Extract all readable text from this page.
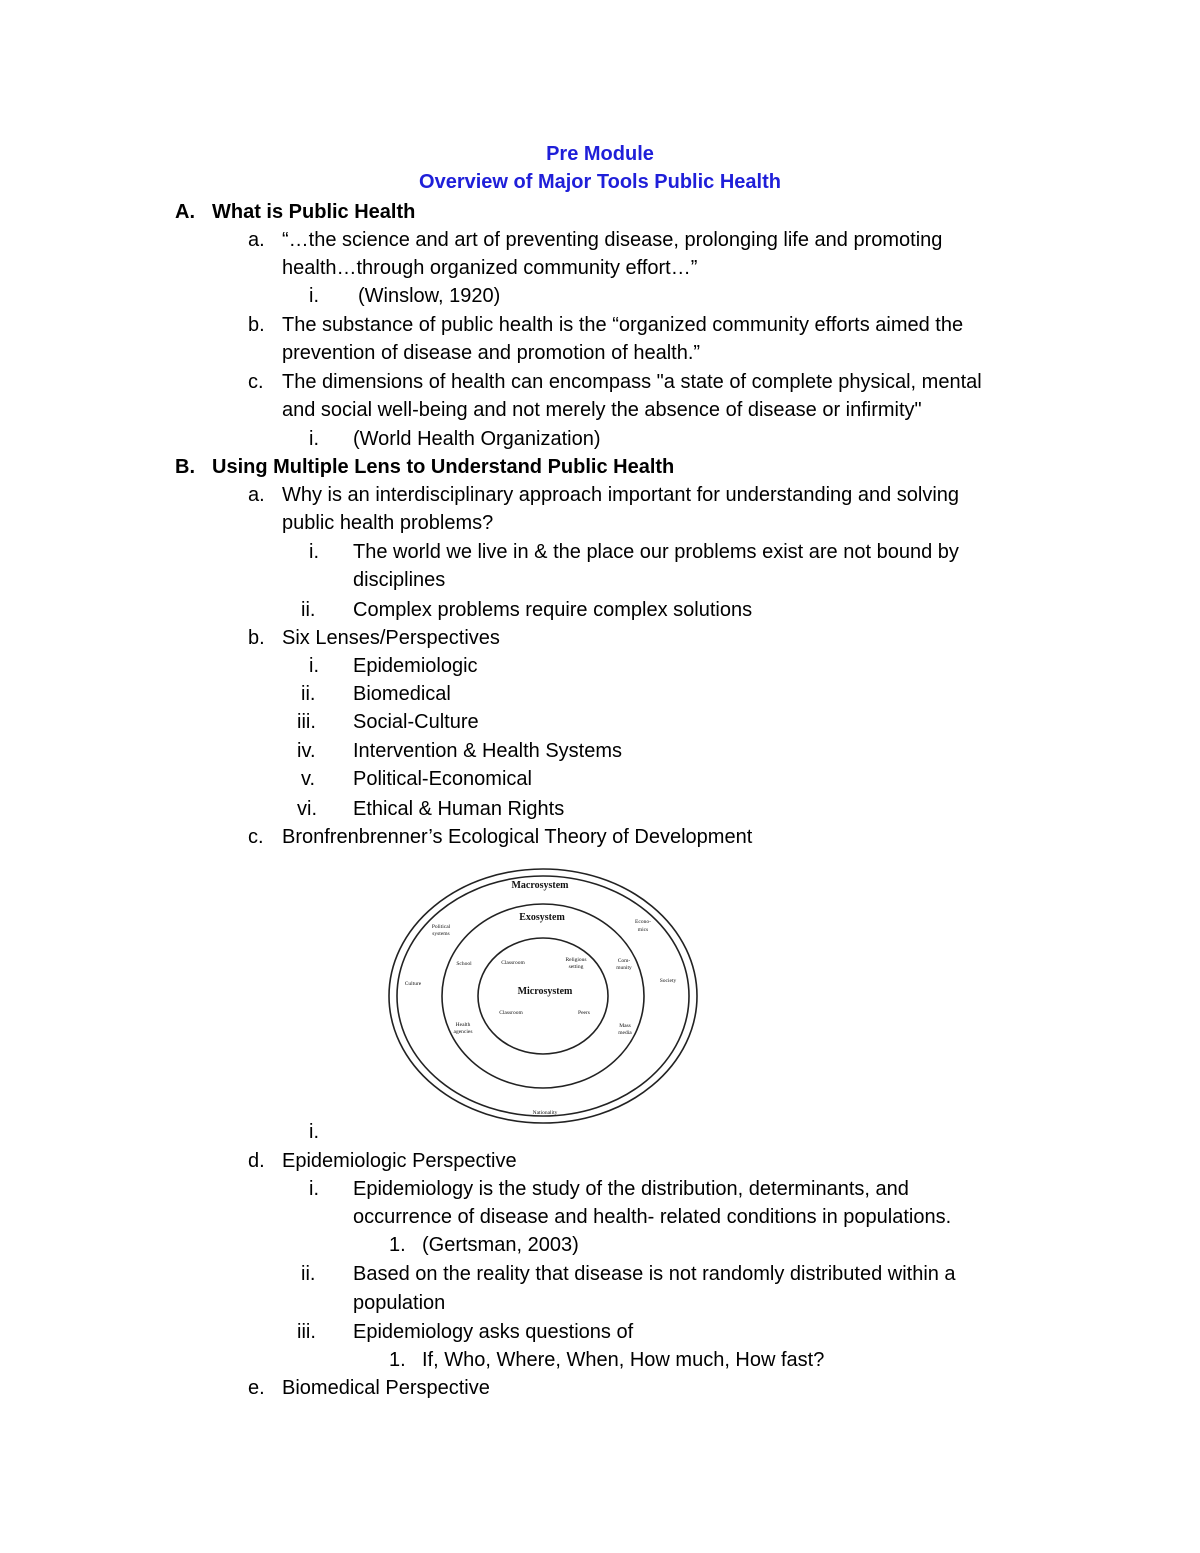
Pre Module
Overview of Major Tools Public Health
A. What is Public Health
a. “…the science and art of preventing disease, prolonging life and promoting
health…through organized community effort…”
i. (Winslow, 1920)
b. The substance of public health is the “organized community efforts aimed the
prevention of disease and promotion of health.”
c. The dimensions of health can encompass "a state of complete physical, mental
and social well-being and not merely the absence of disease or infirmity"
i. (World Health Organization)
B. Using Multiple Lens to Understand Public Health
a. Why is an interdisciplinary approach important for understanding and solving
public health problems?
i. The world we live in & the place our problems exist are not bound by
disciplines
ii. Complex problems require complex solutions
b. Six Lenses/Perspectives
i. Epidemiologic
ii. Biomedical
iii. Social-Culture
iv. Intervention & Health Systems
v. Political-Economical
vi. Ethical & Human Rights
c. Bronfrenbrenner’s Ecological Theory of Development
Macrosystem
Exosystem
Microsystem
Political
systems
Econo-
mics
Culture	Society
Nationality
School	Com-
munity
Health
agencies
Mass
media
Classroom	Religious
setting
Classroom	Peers
i.
d. Epidemiologic Perspective
i. Epidemiology is the study of the distribution, determinants, and
occurrence of disease and health- related conditions in populations.
1. (Gertsman, 2003)
ii. Based on the reality that disease is not randomly distributed within a
population
iii. Epidemiology asks questions of
1. If, Who, Where, When, How much, How fast?
e. Biomedical Perspective
